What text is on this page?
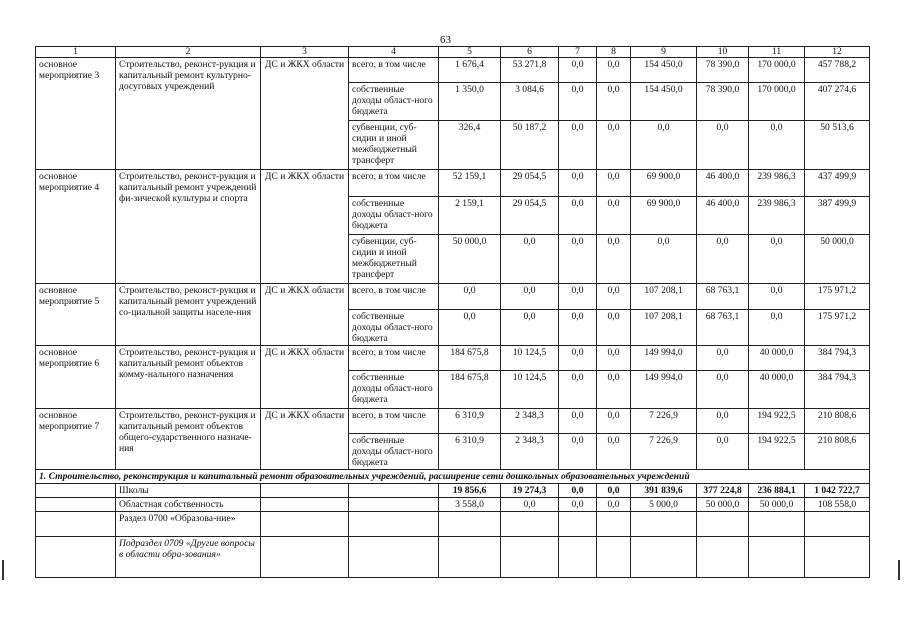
63
1	2	3	4	5	6	7	8	9	10	11	12
основное мероприятие 3	Строительство, реконст-рукция и капитальный ремонт культурно-досуговых учреждений	ДС и ЖКХ области	всего, в том числе	1 676,4	53 271,8	0,0	0,0	154 450,0	78 390,0	170 000,0	457 788,2
			собственные доходы област-ного бюджета	1 350,0	3 084,6	0,0	0,0	154 450,0	78 390,0	170 000,0	407 274,6
			субвенции, суб-сидии и иной межбюджетный трансферт	326,4	50 187,2	0,0	0,0	0,0	0,0	0,0	50 513,6
основное мероприятие 4	Строительство, реконст-рукция и капитальный ремонт учреждений фи-зической культуры и спорта	ДС и ЖКХ области	всего, в том числе	52 159,1	29 054,5	0,0	0,0	69 900,0	46 400,0	239 986,3	437 499,9
			собственные доходы област-ного бюджета	2 159,1	29 054,5	0,0	0,0	69 900,0	46 400,0	239 986,3	387 499,9
			субвенции, суб-сидии и иной межбюджетный трансферт	50 000,0	0,0	0,0	0,0	0,0	0,0	0,0	50 000,0
основное мероприятие 5	Строительство, реконст-рукция и капитальный ремонт учреждений со-циальной защиты населе-ния	ДС и ЖКХ области	всего, в том числе	0,0	0,0	0,0	0,0	107 208,1	68 763,1	0,0	175 971,2
			собственные доходы област-ного бюджета	0,0	0,0	0,0	0,0	107 208,1	68 763,1	0,0	175 971,2
основное мероприятие 6	Строительство, реконст-рукция и капитальный ремонт объектов комму-нального назначения	ДС и ЖКХ области	всего, в том числе	184 675,8	10 124,5	0,0	0,0	149 994,0	0,0	40 000,0	384 794,3
			собственные доходы област-ного бюджета	184 675,8	10 124,5	0,0	0,0	149 994,0	0,0	40 000,0	384 794,3
основное мероприятие 7	Строительство, реконст-рукция и капитальный ремонт объектов общего-сударственного назначе-ния	ДС и ЖКХ области	всего, в том числе	6 310,9	2 348,3	0,0	0,0	7 226,9	0,0	194 922,5	210 808,6
			собственные доходы област-ного бюджета	6 310,9	2 348,3	0,0	0,0	7 226,9	0,0	194 922,5	210 808,6
1. Строительство, реконструкция и капитальный ремонт образовательных учреждений, расширение сети дошкольных образовательных учреждений											
	Школы			19 856,6	19 274,3	0,0	0,0	391 839,6	377 224,8	236 884,1	1 042 722,7
	Областная собственность			3 558,0	0,0	0,0	0,0	5 000,0	50 000,0	50 000,0	108 558,0
	Раздел 0700 «Образова-ние»										
	Подраздел 0709 «Другие вопросы в области обра-зования»										
